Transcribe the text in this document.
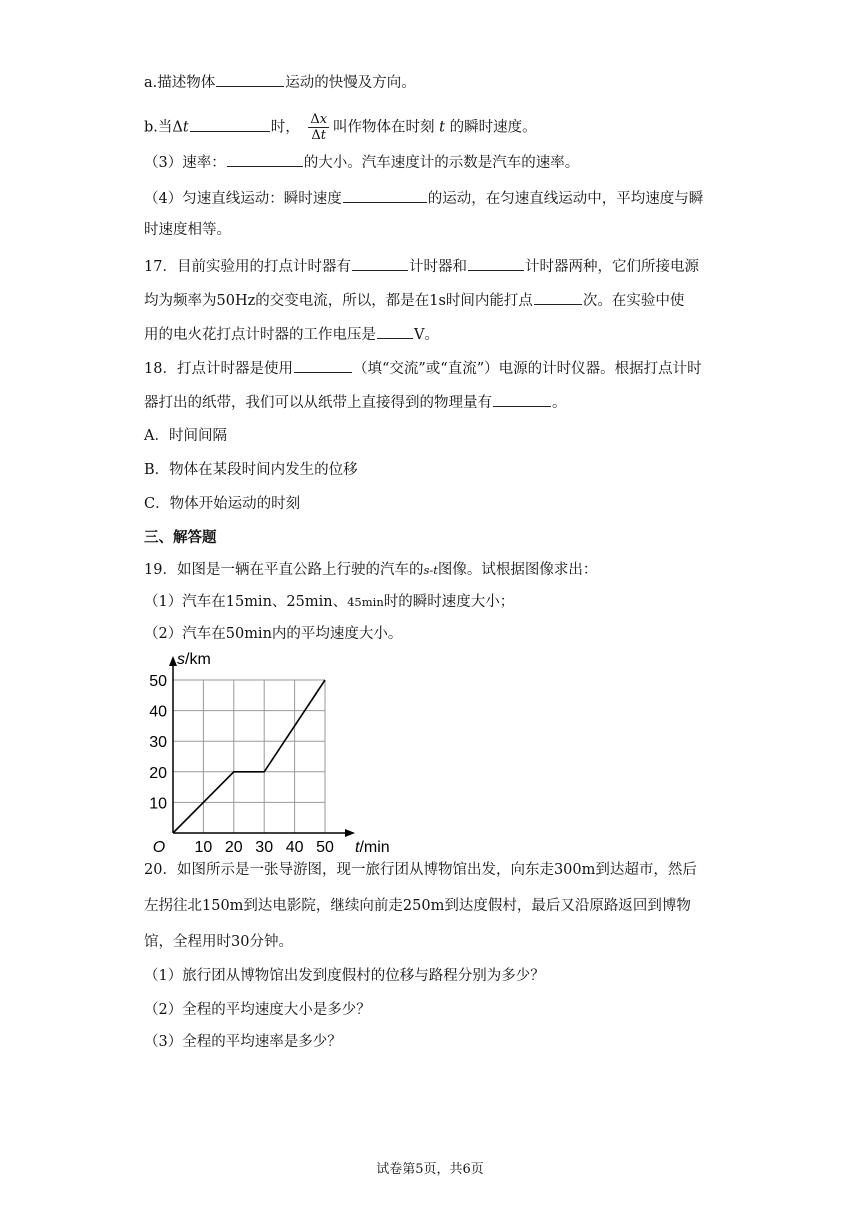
a.描述物体	运动的快慢及方向。
b.当Δt	时， $\frac{\Delta x}{\Delta t}$ 叫作物体在时刻 t 的瞬时速度。
（3）速率：	的大小。汽车速度计的示数是汽车的速率。
（4）匀速直线运动：瞬时速度	的运动，在匀速直线运动中，平均速度与瞬
时速度相等。
17．目前实验用的打点计时器有	计时器和	计时器两种，它们所接电源
均为频率为50Hz的交变电流，所以，都是在1s时间内能打点	次。在实验中使
用的电火花打点计时器的工作电压是	V。
18．打点计时器是使用	（填“交流”或“直流”）电源的计时仪器。根据打点计时
器打出的纸带，我们可以从纸带上直接得到的物理量有	。
A．时间间隔
B．物体在某段时间内发生的位移
C．物体开始运动的时刻
三、解答题
19．如图是一辆在平直公路上行驶的汽车的s-t图像。试根据图像求出：
（1）汽车在15min、25min、45min时的瞬时速度大小；
（2）汽车在50min内的平均速度大小。
10 20 30 40 50
10
20
30
40
50
O	t/min
s/km
20．如图所示是一张导游图，现一旅行团从博物馆出发，向东走300m到达超市，然后
左拐往北150m到达电影院，继续向前走250m到达度假村，最后又沿原路返回到博物
馆，全程用时30分钟。
（1）旅行团从博物馆出发到度假村的位移与路程分别为多少？
（2）全程的平均速度大小是多少？
（3）全程的平均速率是多少？
试卷第5页，共6页
